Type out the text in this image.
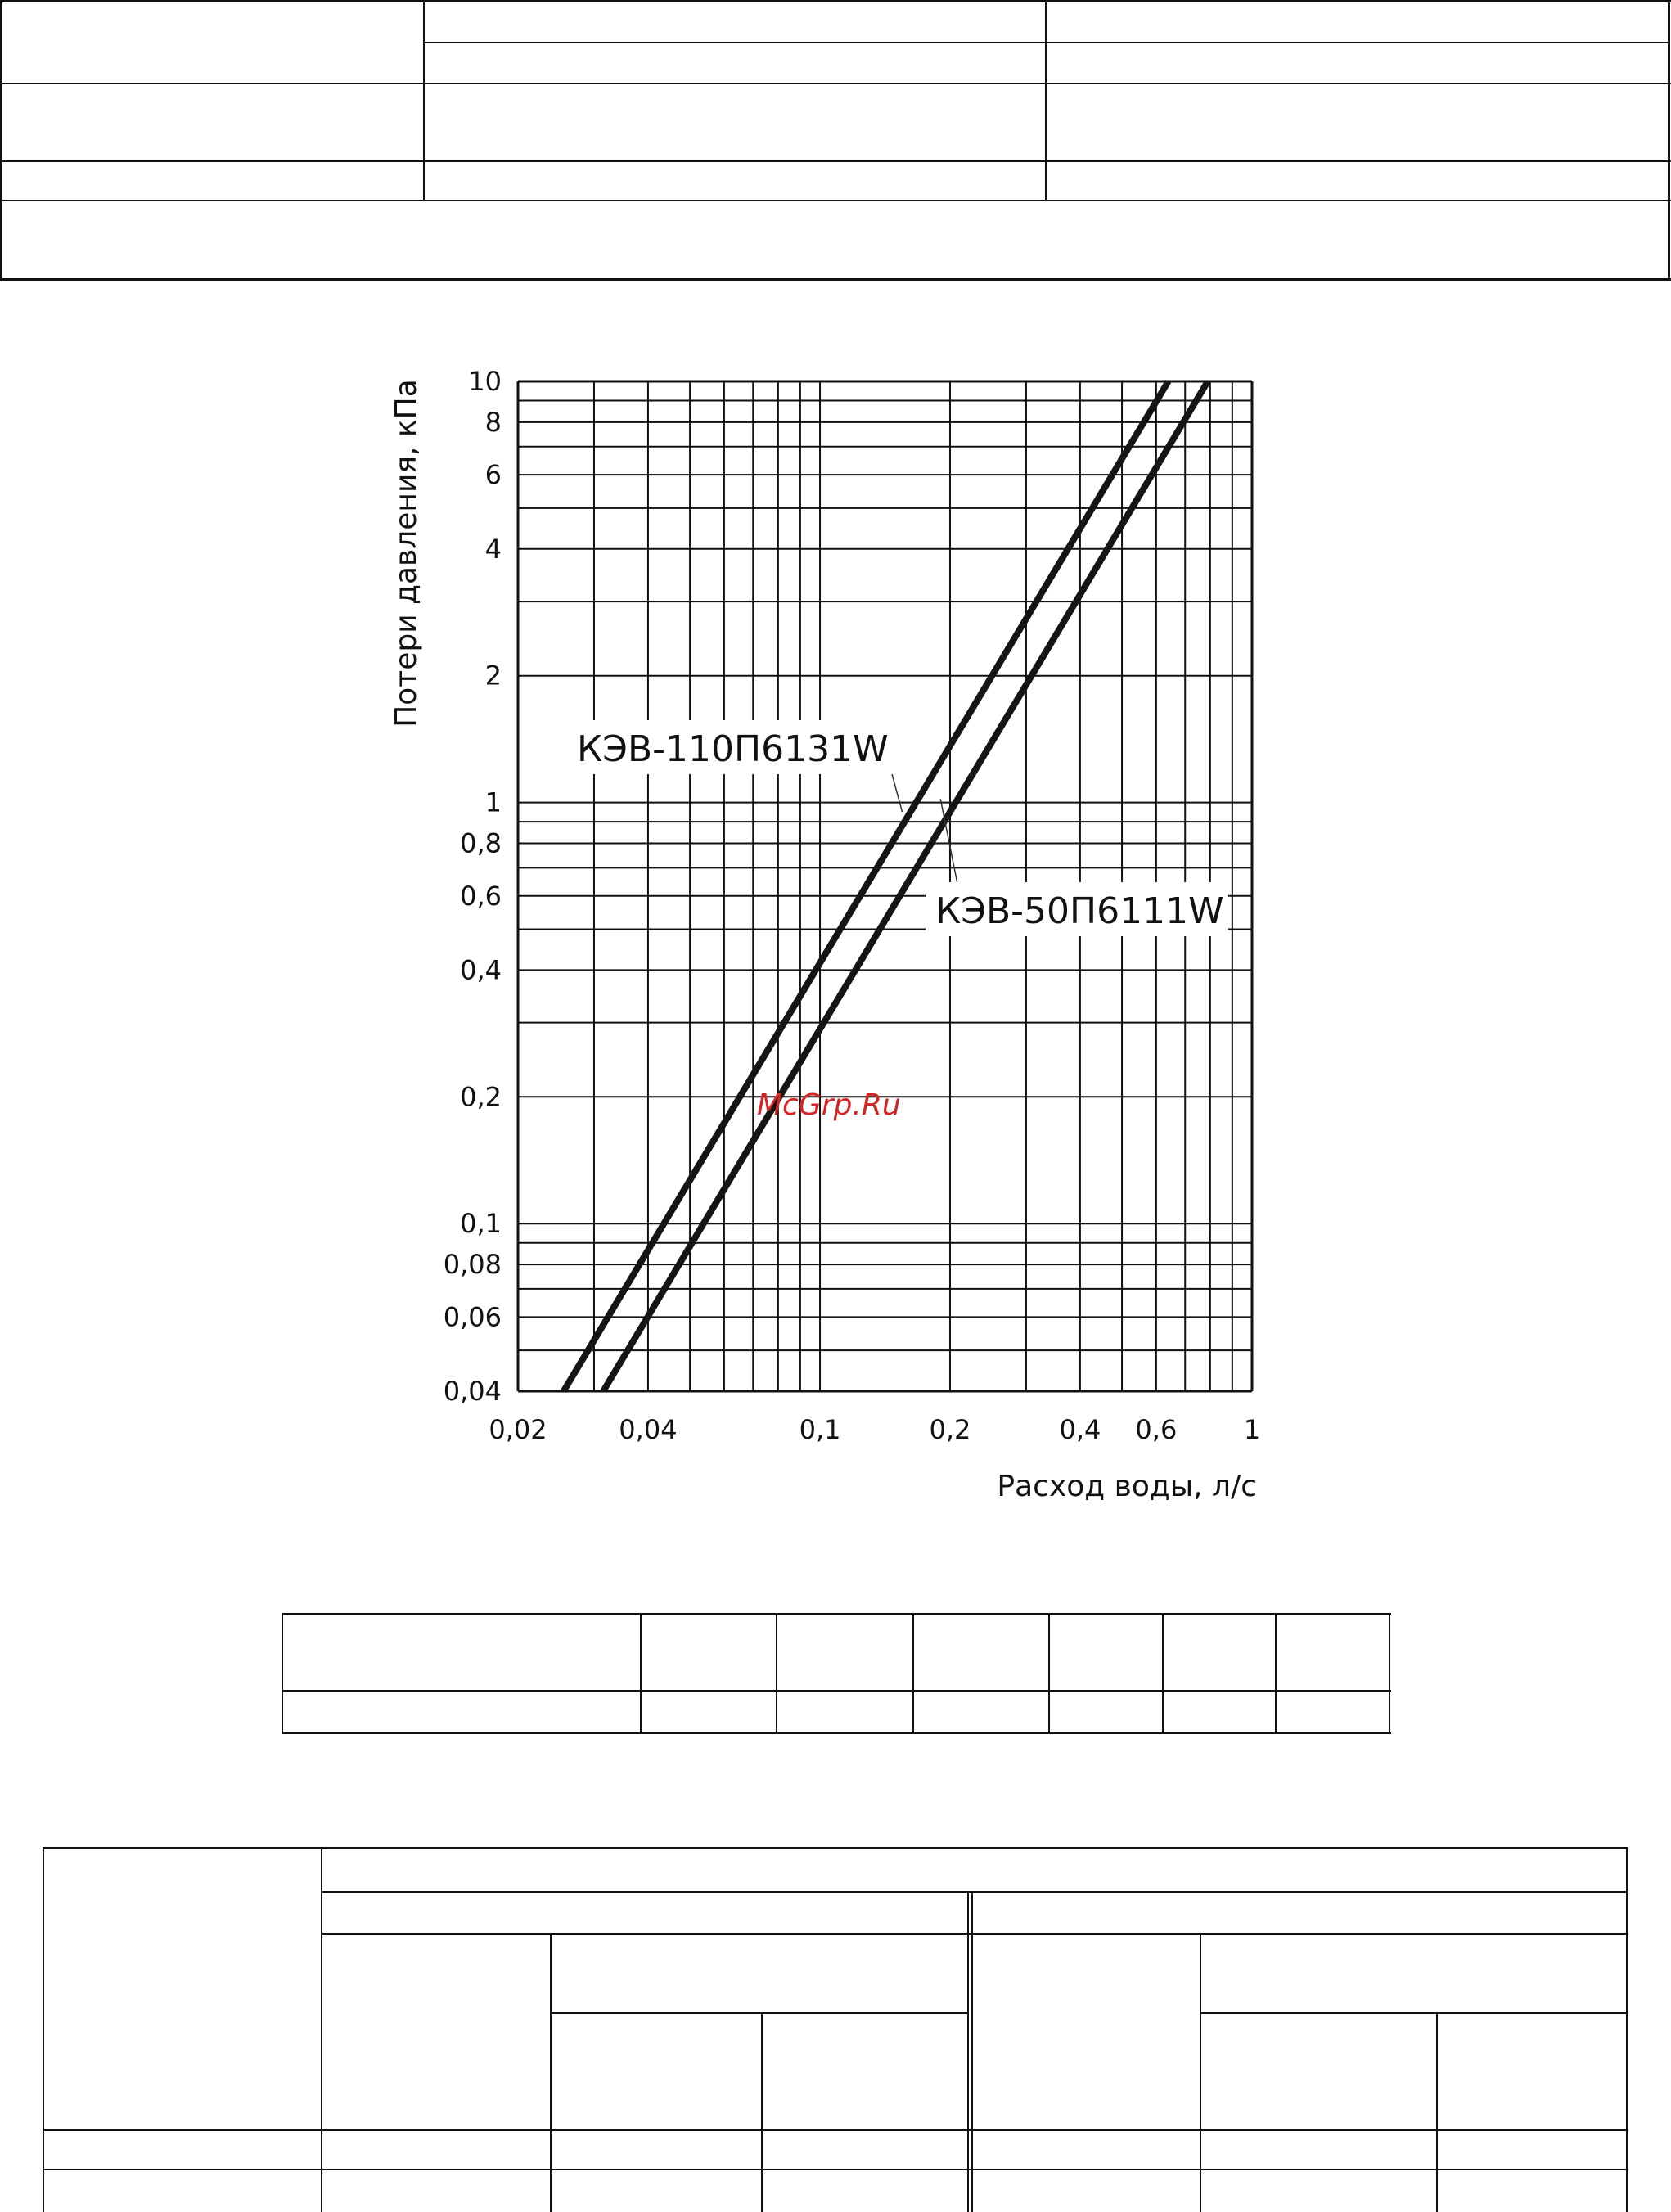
0,02	0,04	0,1	0,2	0,4 0,6	1
10
8
6
4
2
1
0,8
0,6
0,4
0,2
0,1
0,08
0,06
0,04
Расход воды, л/с
Потери давления, кПа
КЭВ-110П6131W
КЭВ-50П6111W
McGrp.Ru
